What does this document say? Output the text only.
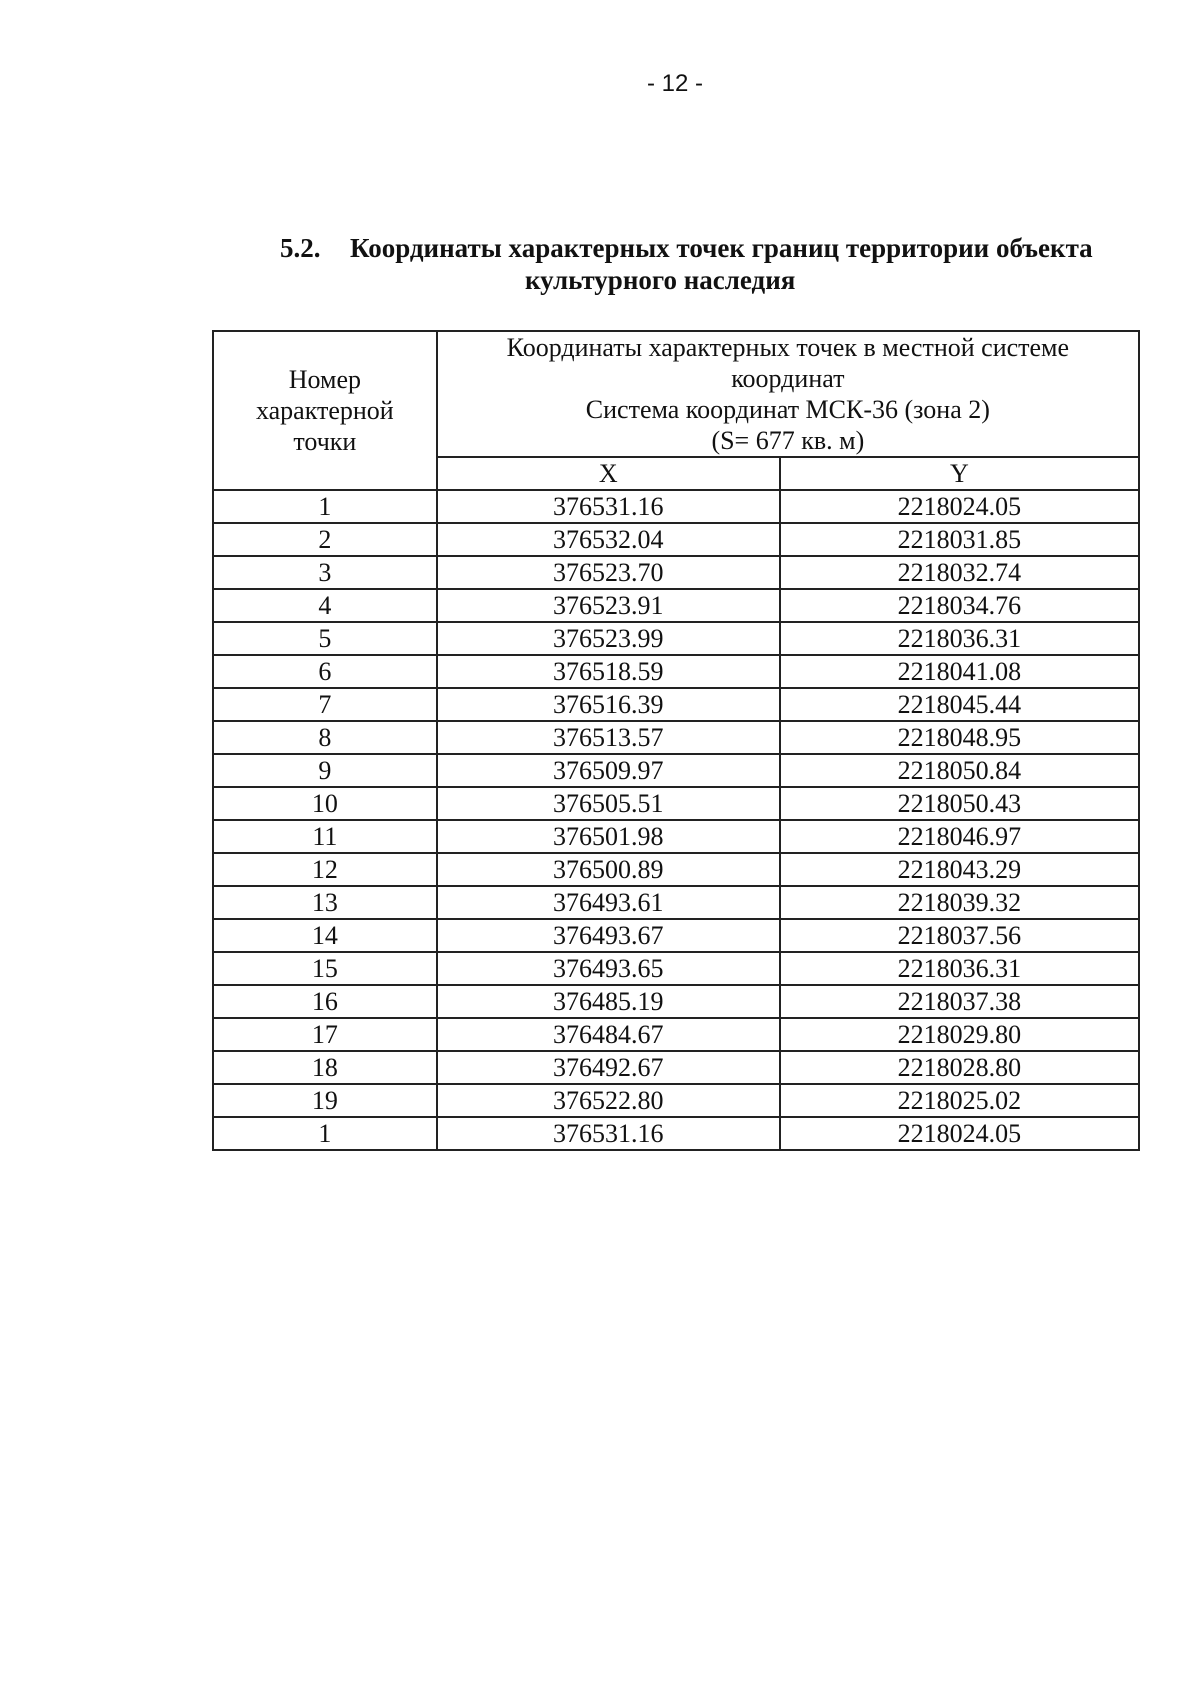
- 12 -
5.2. Координаты характерных точек границ территории объекта
культурного наследия
Номер
характерной
точки	Координаты характерных точек в местной системе
координат
Система координат МСК-36 (зона 2)
(S= 677 кв. м)	

	X	Y
1	376531.16	2218024.05
2	376532.04	2218031.85
3	376523.70	2218032.74
4	376523.91	2218034.76
5	376523.99	2218036.31
6	376518.59	2218041.08
7	376516.39	2218045.44
8	376513.57	2218048.95
9	376509.97	2218050.84
10	376505.51	2218050.43
11	376501.98	2218046.97
12	376500.89	2218043.29
13	376493.61	2218039.32
14	376493.67	2218037.56
15	376493.65	2218036.31
16	376485.19	2218037.38
17	376484.67	2218029.80
18	376492.67	2218028.80
19	376522.80	2218025.02
1	376531.16	2218024.05
